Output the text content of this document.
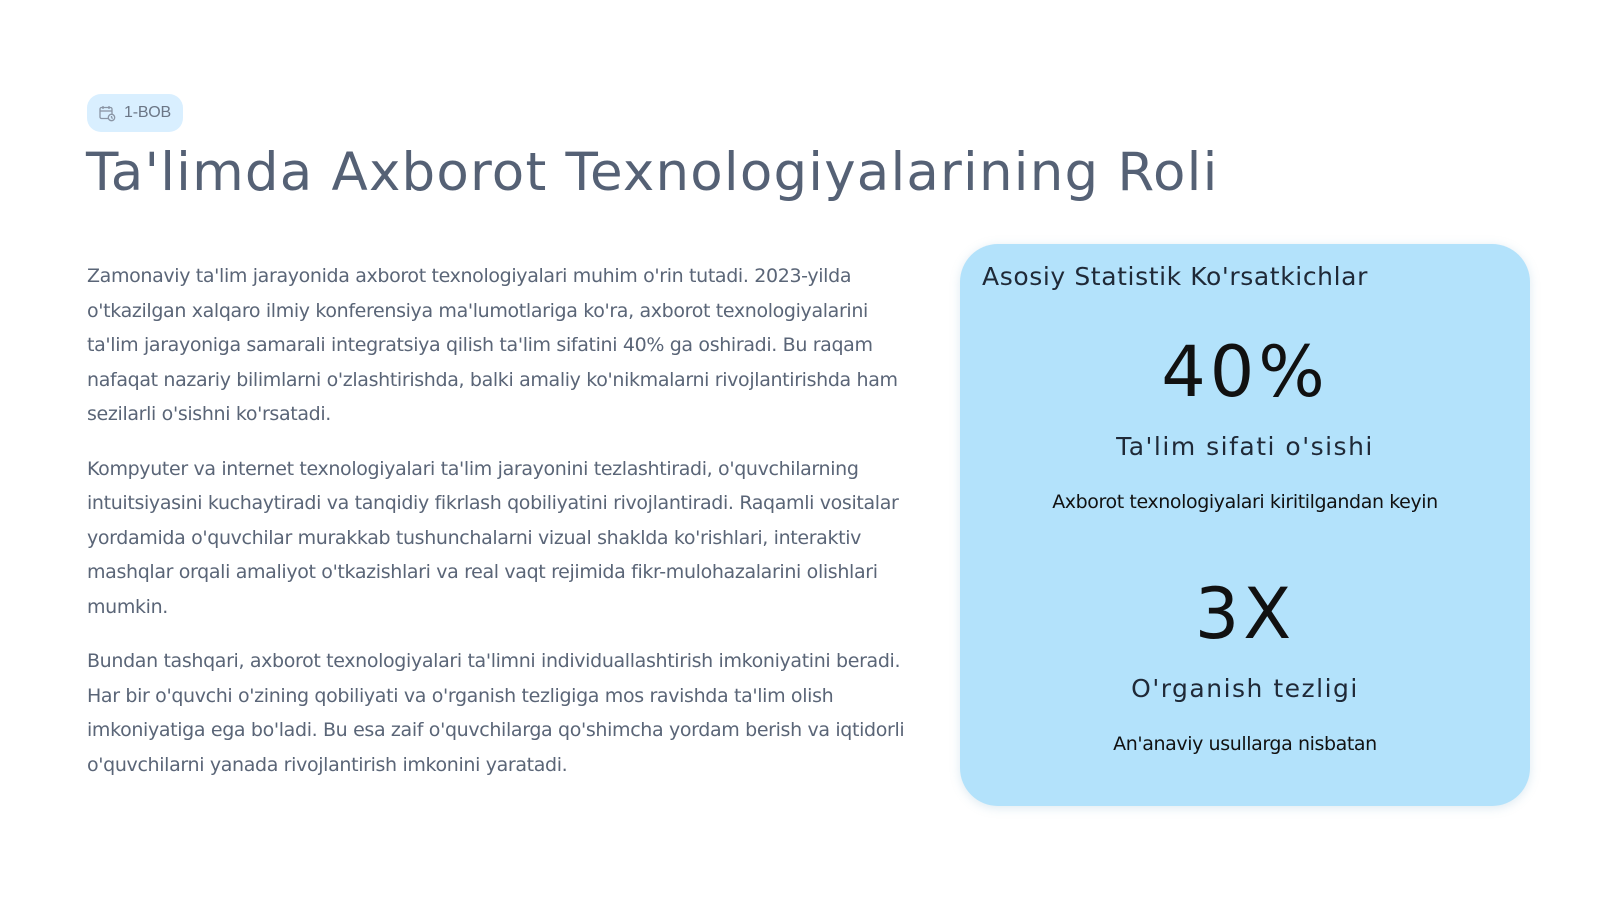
1-BOB
Ta'limda Axborot Texnologiyalarining Roli

Zamonaviy ta'lim jarayonida axborot texnologiyalari muhim o'rin tutadi. 2023-yilda o'tkazilgan xalqaro ilmiy konferensiya ma'lumotlariga ko'ra, axborot texnologiyalarini ta'lim jarayoniga samarali integratsiya qilish ta'lim sifatini 40% ga oshiradi. Bu raqam nafaqat nazariy bilimlarni o'zlashtirishda, balki amaliy ko'nikmalarni rivojlantirishda ham sezilarli o'sishni ko'rsatadi.

Kompyuter va internet texnologiyalari ta'lim jarayonini tezlashtiradi, o'quvchilarning intuitsiyasini kuchaytiradi va tanqidiy fikrlash qobiliyatini rivojlantiradi. Raqamli vositalar yordamida o'quvchilar murakkab tushunchalarni vizual shaklda ko'rishlari, interaktiv mashqlar orqali amaliyot o'tkazishlari va real vaqt rejimida fikr-mulohazalarini olishlari mumkin.

Bundan tashqari, axborot texnologiyalari ta'limni individuallashtirish imkoniyatini beradi. Har bir o'quvchi o'zining qobiliyati va o'rganish tezligiga mos ravishda ta'lim olish imkoniyatiga ega bo'ladi. Bu esa zaif o'quvchilarga qo'shimcha yordam berish va iqtidorli o'quvchilarni yanada rivojlantirish imkonini yaratadi.

Asosiy Statistik Ko'rsatkichlar
40%
Ta'lim sifati o'sishi
Axborot texnologiyalari kiritilgandan keyin
3X
O'rganish tezligi
An'anaviy usullarga nisbatan
